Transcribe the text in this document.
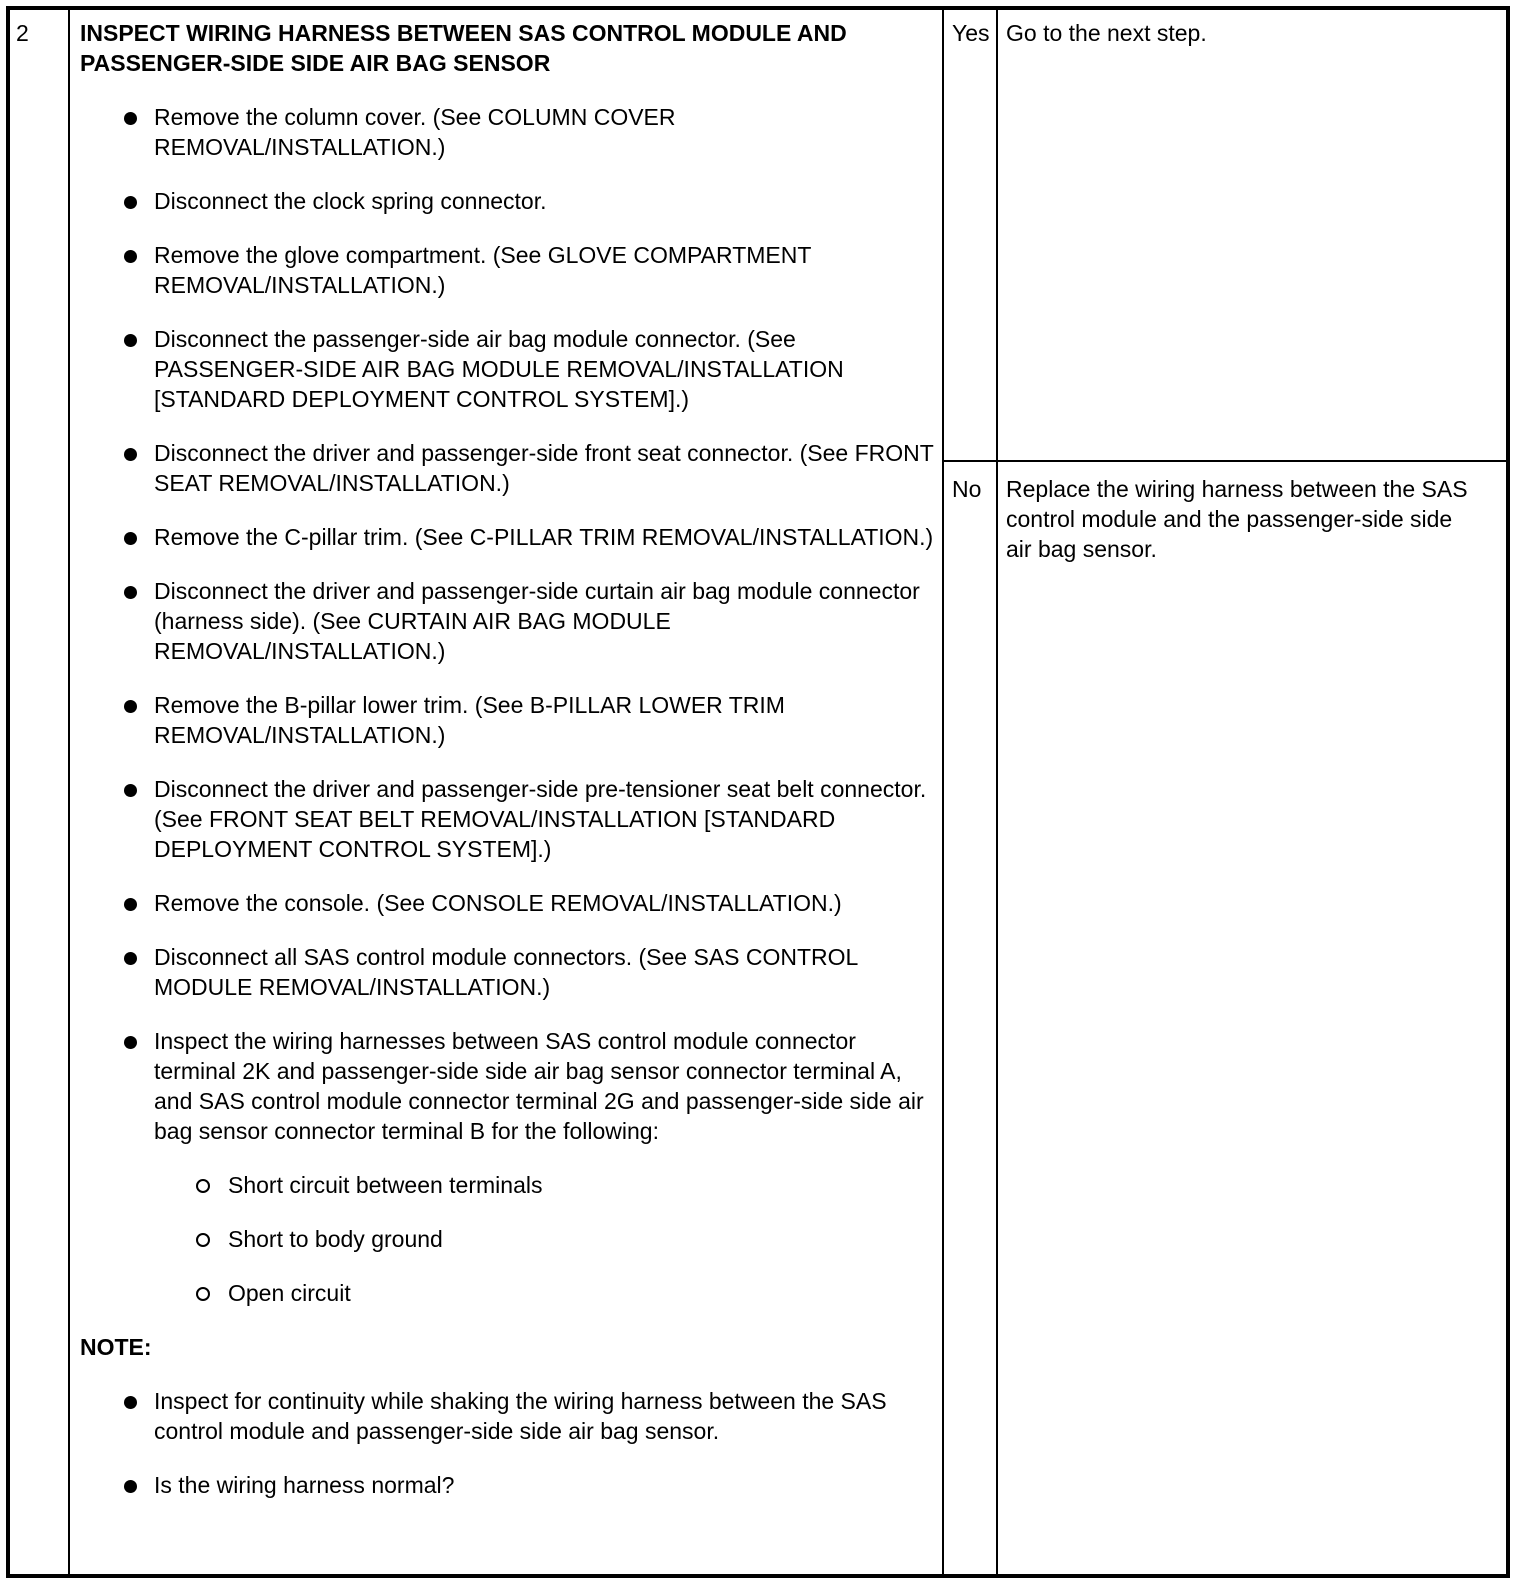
2 INSPECT WIRING HARNESS BETWEEN SAS CONTROL MODULE AND PASSENGER-SIDE SIDE AIR BAG SENSOR
Remove the column cover. (See COLUMN COVER REMOVAL/INSTALLATION.)
Disconnect the clock spring connector.
Remove the glove compartment. (See GLOVE COMPARTMENT REMOVAL/INSTALLATION.)
Disconnect the passenger-side air bag module connector. (See PASSENGER-SIDE AIR BAG MODULE REMOVAL/INSTALLATION [STANDARD DEPLOYMENT CONTROL SYSTEM].)
Disconnect the driver and passenger-side front seat connector. (See FRONT SEAT REMOVAL/INSTALLATION.)
Remove the C-pillar trim. (See C-PILLAR TRIM REMOVAL/INSTALLATION.)
Disconnect the driver and passenger-side curtain air bag module connector (harness side). (See CURTAIN AIR BAG MODULE REMOVAL/INSTALLATION.)
Remove the B-pillar lower trim. (See B-PILLAR LOWER TRIM REMOVAL/INSTALLATION.)
Disconnect the driver and passenger-side pre-tensioner seat belt connector. (See FRONT SEAT BELT REMOVAL/INSTALLATION [STANDARD DEPLOYMENT CONTROL SYSTEM].)
Remove the console. (See CONSOLE REMOVAL/INSTALLATION.)
Disconnect all SAS control module connectors. (See SAS CONTROL MODULE REMOVAL/INSTALLATION.)
Inspect the wiring harnesses between SAS control module connector terminal 2K and passenger-side side air bag sensor connector terminal A, and SAS control module connector terminal 2G and passenger-side side air bag sensor connector terminal B for the following:
Short circuit between terminals
Short to body ground
Open circuit
NOTE:
Inspect for continuity while shaking the wiring harness between the SAS control module and passenger-side side air bag sensor.
Is the wiring harness normal?
Yes Go to the next step.
No Replace the wiring harness between the SAS control module and the passenger-side side air bag sensor.
